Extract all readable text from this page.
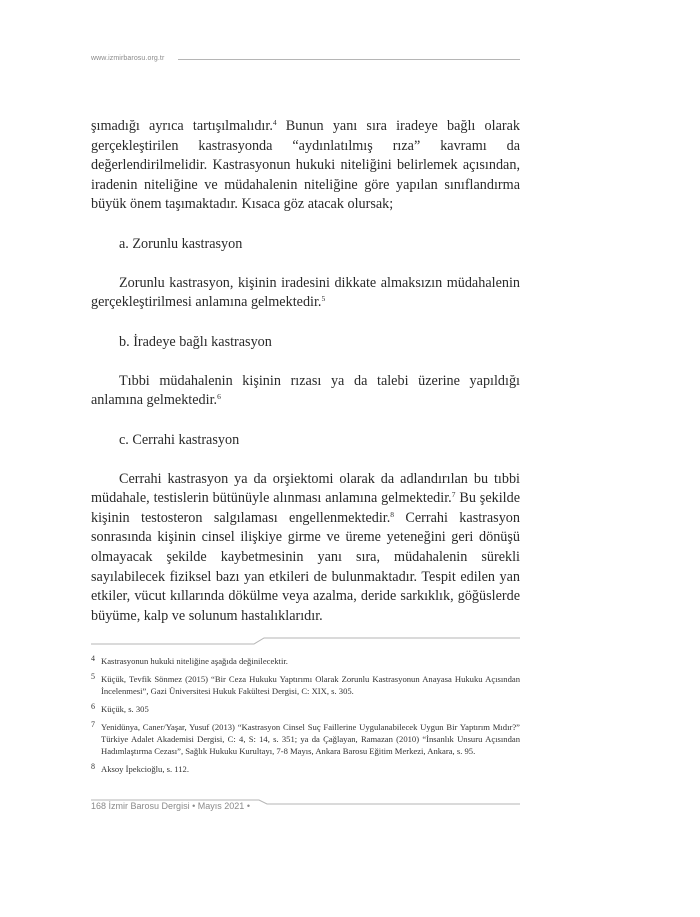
www.izmirbarosu.org.tr

şımadığı ayrıca tartışılmalıdır.$^4$ Bunun yanı sıra iradeye bağlı olarak gerçekleştirilen kastrasyonda “aydınlatılmış rıza” kavramı da değerlendirilmelidir. Kastrasyonun hukuki niteliğini belirlemek açısından, iradenin niteliğine ve müdahalenin niteliğine göre yapılan sınıflandırma büyük önem taşımaktadır. Kısaca göz atacak olursak;

a. Zorunlu kastrasyon

Zorunlu kastrasyon, kişinin iradesini dikkate almaksızın müdahalenin gerçekleştirilmesi anlamına gelmektedir.$^5$

b. İradeye bağlı kastrasyon

Tıbbi müdahalenin kişinin rızası ya da talebi üzerine yapıldığı anlamına gelmektedir.$^6$

c. Cerrahi kastrasyon

Cerrahi kastrasyon ya da orşiektomi olarak da adlandırılan bu tıbbi müdahale, testislerin bütünüyle alınması anlamına gelmektedir.$^7$ Bu şekilde kişinin testosteron salgılaması engellenmektedir.$^8$ Cerrahi kastrasyon sonrasında kişinin cinsel ilişkiye girme ve üreme yeteneğini geri dönüşü olmayacak şekilde kaybetmesinin yanı sıra, müdahalenin sürekli sayılabilecek fiziksel bazı yan etkileri de bulunmaktadır. Tespit edilen yan etkiler, vücut kıllarında dökülme veya azalma, deride sarkıklık, göğüslerde büyüme, kalp ve solunum hastalıklarıdır.

4 Kastrasyonun hukuki niteliğine aşağıda değinilecektir.
5 Küçük, Tevfik Sönmez (2015) “Bir Ceza Hukuku Yaptırımı Olarak Zorunlu Kastrasyonun Anayasa Hukuku Açısından İncelenmesi”, Gazi Üniversitesi Hukuk Fakültesi Dergisi, C: XIX, s. 305.
6 Küçük, s. 305
7 Yenidünya, Caner/Yaşar, Yusuf (2013) “Kastrasyon Cinsel Suç Faillerine Uygulanabilecek Uygun Bir Yaptırım Mıdır?” Türkiye Adalet Akademisi Dergisi, C: 4, S: 14, s. 351; ya da Çağlayan, Ramazan (2010) “İnsanlık Unsuru Açısından Hadımlaştırma Cezası”, Sağlık Hukuku Kurultayı, 7-8 Mayıs, Ankara Barosu Eğitim Merkezi, Ankara, s. 95.
8 Aksoy İpekcioğlu, s. 112.
168 İzmir Barosu Dergisi • Mayıs 2021 •
